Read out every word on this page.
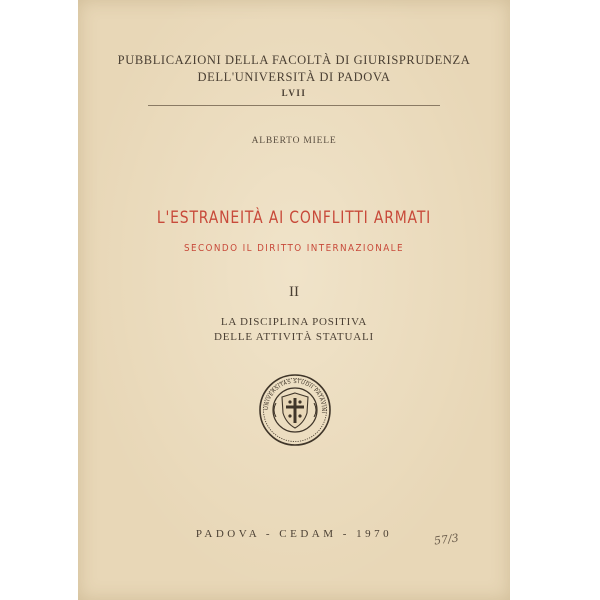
PUBBLICAZIONI DELLA FACOLTÀ DI GIURISPRUDENZA
DELL'UNIVERSITÀ DI PADOVA
LVII
ALBERTO MIELE
L'ESTRANEITÀ AI CONFLITTI ARMATI
SECONDO IL DIRITTO INTERNAZIONALE
II
LA DISCIPLINA POSITIVA
DELLE ATTIVITÀ STATUALI
UNIVERSITAS STUDII PATAVINI
PADOVA - CEDAM - 1970	57/3
